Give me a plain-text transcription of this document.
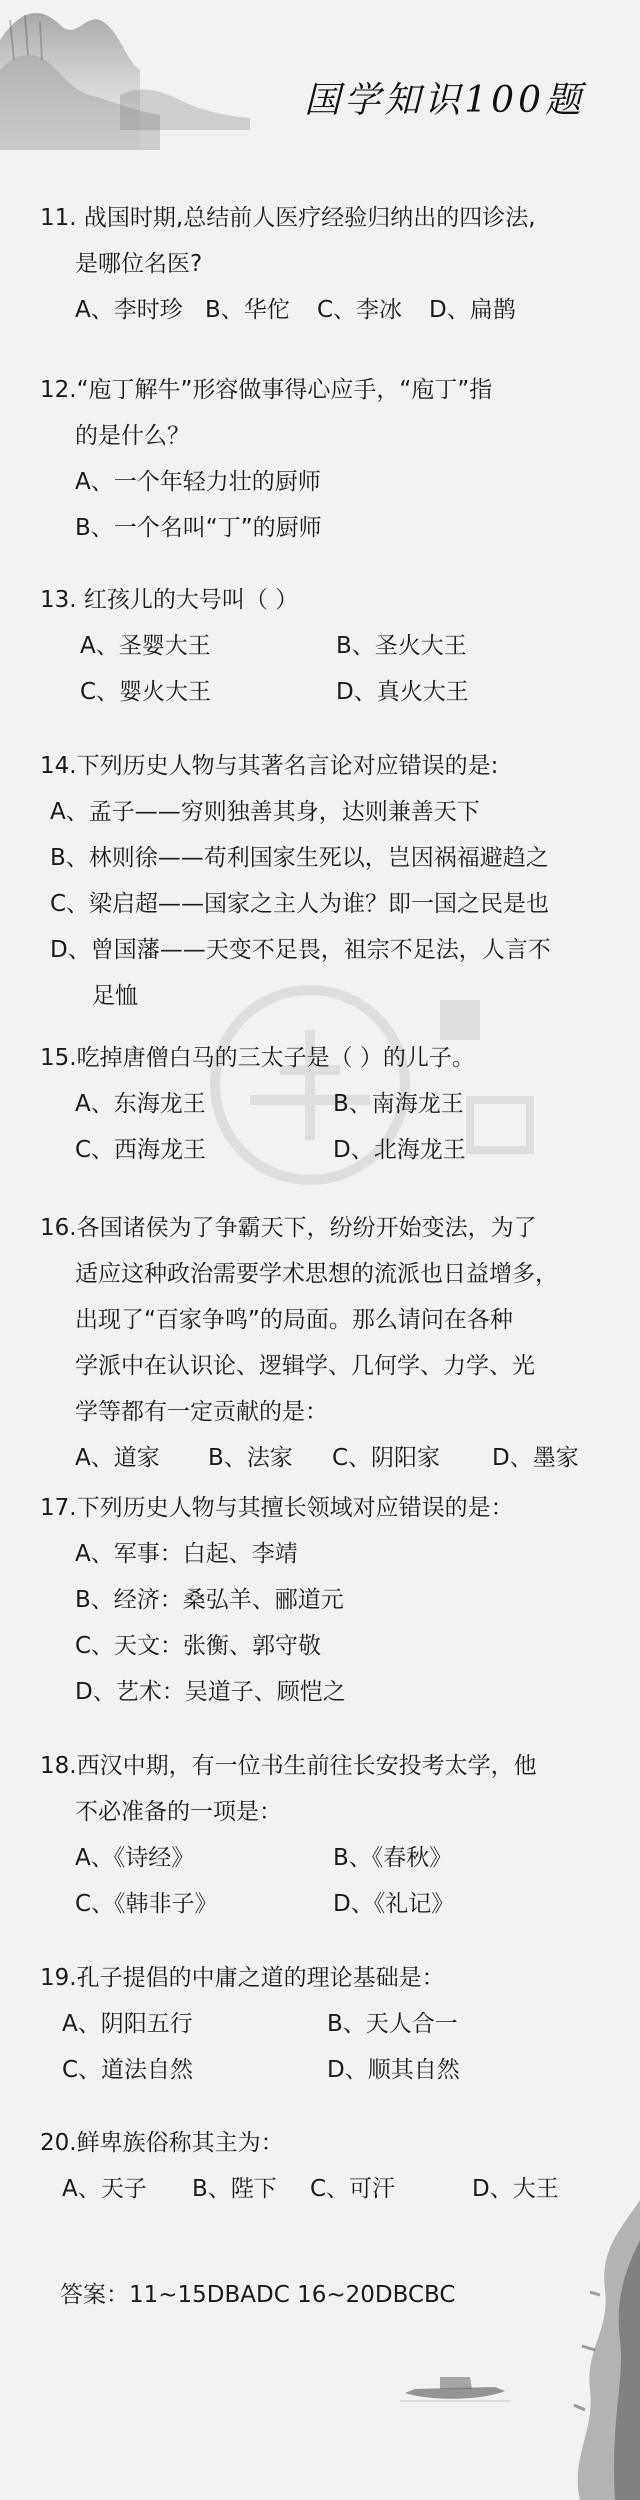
国学知识100题
11. 战国时期,总结前人医疗经验归纳出的四诊法,
是哪位名医?
A、李时珍 B、华佗	C、李冰	D、扁鹊
12.“庖丁解牛”形容做事得心应手，“庖丁”指
的是什么？
A、一个年轻力壮的厨师
B、一个名叫“丁”的厨师
13. 红孩儿的大号叫（ ）
A、圣婴大王	B、圣火大王
C、婴火大王	D、真火大王
14.下列历史人物与其著名言论对应错误的是:
A、孟子——穷则独善其身，达则兼善天下
B、林则徐——苟利国家生死以，岂因祸福避趋之
C、梁启超——国家之主人为谁？即一国之民是也
D、曾国藩——天变不足畏，祖宗不足法，人言不
足恤
15.吃掉唐僧白马的三太子是（ ）的儿子。
A、东海龙王	B、南海龙王
C、西海龙王	D、北海龙王
16.各国诸侯为了争霸天下，纷纷开始变法，为了
适应这种政治需要学术思想的流派也日益增多，
出现了“百家争鸣”的局面。那么请问在各种
学派中在认识论、逻辑学、几何学、力学、光
学等都有一定贡献的是：
A、道家	B、法家	C、阴阳家	D、墨家
17.下列历史人物与其擅长领域对应错误的是：
A、军事：白起、李靖
B、经济：桑弘羊、郦道元
C、天文：张衡、郭守敬
D、艺术：吴道子、顾恺之
18.西汉中期，有一位书生前往长安投考太学，他
不必准备的一项是：
A、《诗经》	B、《春秋》
C、《韩非子》	D、《礼记》
19.孔子提倡的中庸之道的理论基础是：
A、阴阳五行	B、天人合一
C、道法自然	D、顺其自然
20.鲜卑族俗称其主为：
A、天子	B、陛下	C、可汗	D、大王
答案：11~15DBADC 16~20DBCBC
